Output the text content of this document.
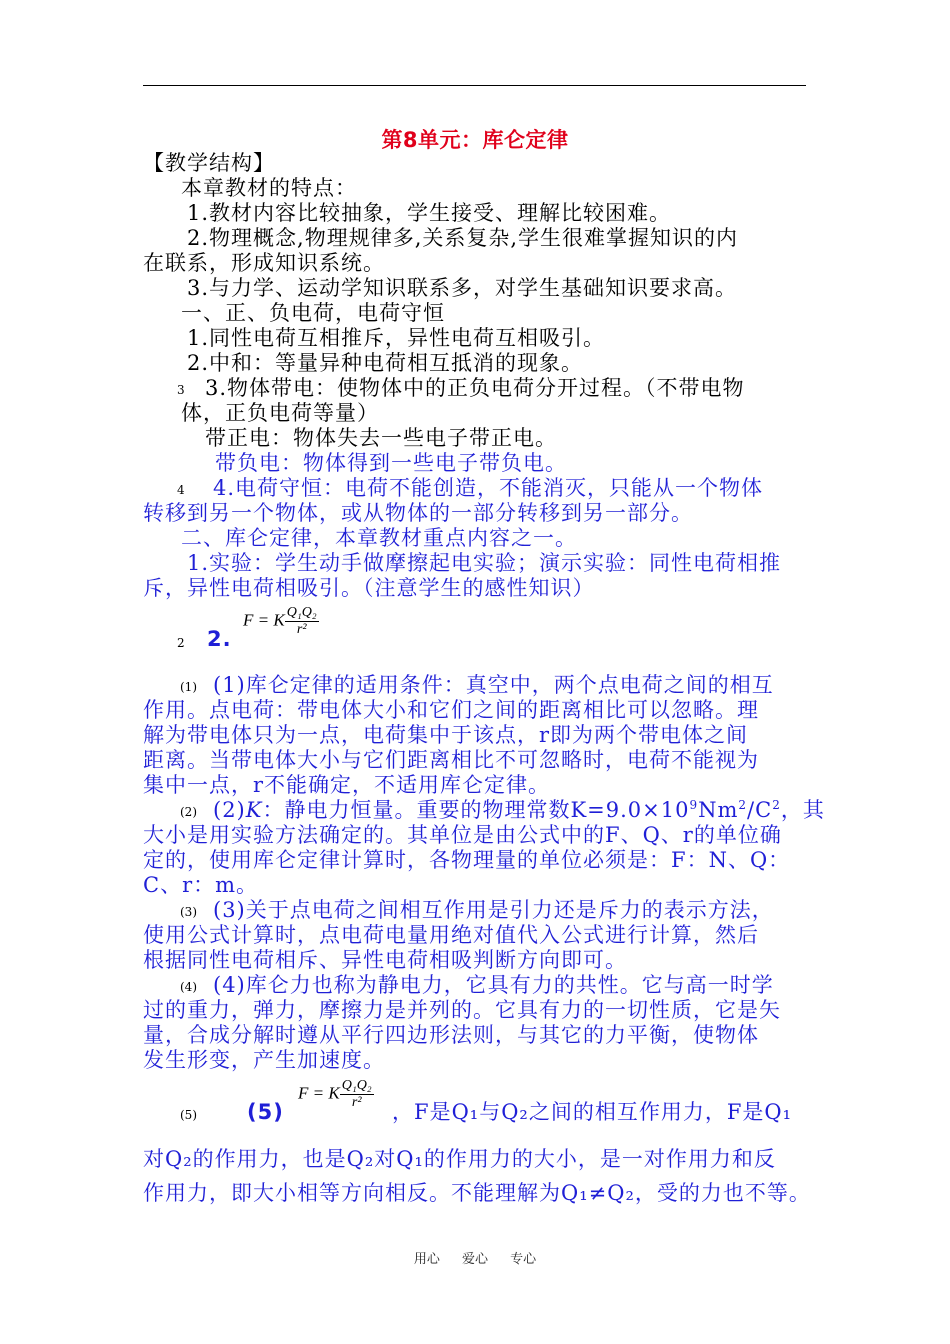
第8单元：库仑定律
【教学结构】
本章教材的特点：
1.教材内容比较抽象，学生接受、理解比较困难。
2.物理概念,物理规律多,关系复杂,学生很难掌握知识的内
在联系，形成知识系统。
3.与力学、运动学知识联系多，对学生基础知识要求高。
一、正、负电荷，电荷守恒
1.同性电荷互相推斥，异性电荷互相吸引。
2.中和：等量异种电荷相互抵消的现象。
3 3.物体带电：使物体中的正负电荷分开过程。（不带电物
体，正负电荷等量）
带正电：物体失去一些电子带正电。
带负电：物体得到一些电子带负电。
4 4.电荷守恒：电荷不能创造，不能消灭，只能从一个物体
转移到另一个物体，或从物体的一部分转移到另一部分。
二、库仑定律，本章教材重点内容之一。
1.实验：学生动手做摩擦起电实验；演示实验：同性电荷相推
斥，异性电荷相吸引。（注意学生的感性知识）
2 2.
F = K $\frac{\text{Q₁Q₂}}{\text{r²}}$
(1) (1)库仑定律的适用条件：真空中，两个点电荷之间的相互
作用。点电荷：带电体大小和它们之间的距离相比可以忽略。理
解为带电体只为一点，电荷集中于该点，r即为两个带电体之间
距离。当带电体大小与它们距离相比不可忽略时，电荷不能视为
集中一点，r不能确定，不适用库仑定律。
(2) (2)K：静电力恒量。重要的物理常数$K=9.0\times 10^9Nm^2/C^2$，其
大小是用实验方法确定的。其单位是由公式中的F、Q、r的单位确
定的，使用库仑定律计算时，各物理量的单位必须是：F：N、Q：
C、r：m。
(3) (3)关于点电荷之间相互作用是引力还是斥力的表示方法，
使用公式计算时，点电荷电量用绝对值代入公式进行计算，然后
根据同性电荷相斥、异性电荷相吸判断方向即可。
(4) (4)库仑力也称为静电力，它具有力的共性。它与高一时学
过的重力，弹力，摩擦力是并列的。它具有力的一切性质，它是矢
量，合成分解时遵从平行四边形法则，与其它的力平衡，使物体
发生形变，产生加速度。
(5) (5)
F = K $\frac{\text{Q₁Q₂}}{\text{r²}}$
，F是Q₁与Q₂之间的相互作用力，F是Q₁
对Q₂的作用力，也是Q₂对Q₁的作用力的大小，是一对作用力和反
作用力，即大小相等方向相反。不能理解为Q₁≠Q₂，受的力也不等。
用心 爱心 专心
